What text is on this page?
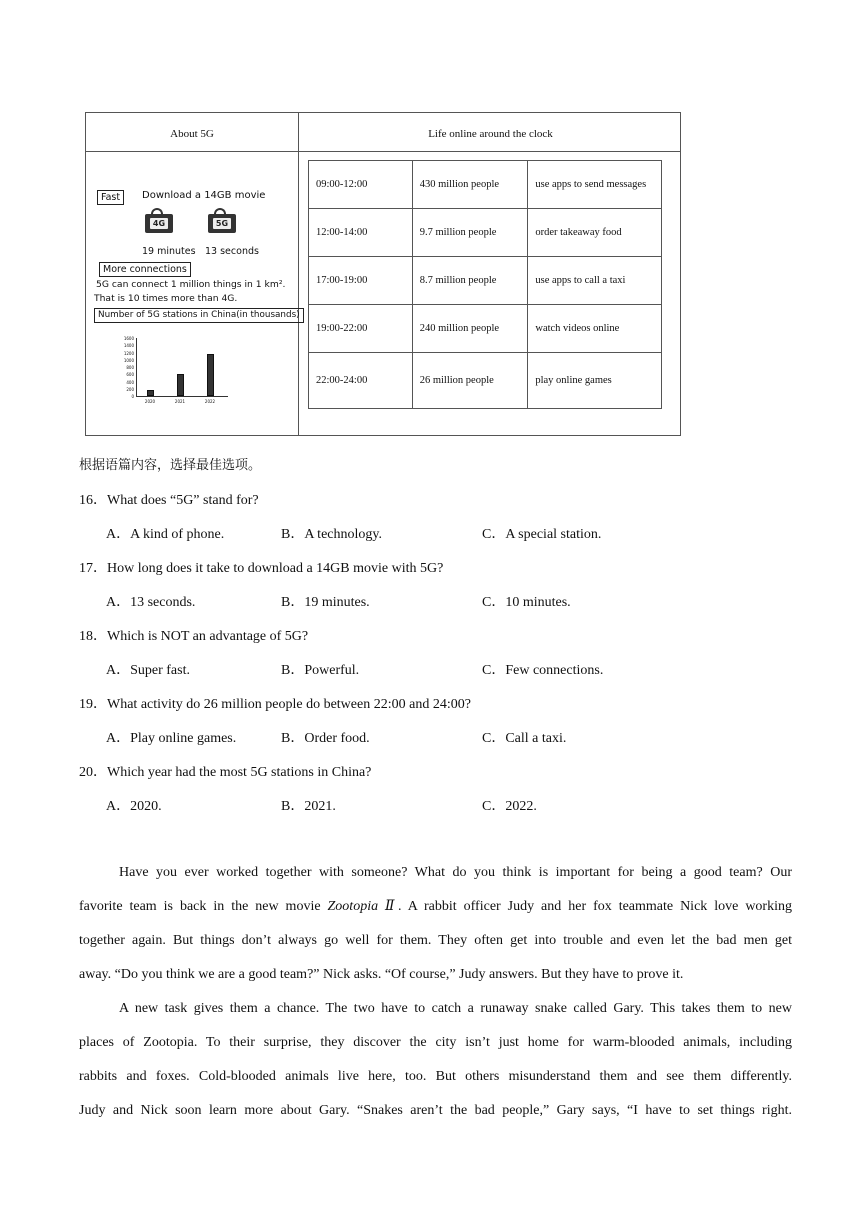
About 5G	Life online around the clock
Fast	Download a 14GB movie
4G	5G
19 minutes 13 seconds
More connections
5G can connect 1 million things in 1 km².
That is 10 times more than 4G.
Number of 5G stations in China(in thousands)
1600
1400
1200
1000
800
600
400
200
0
2020	2021	2022
09:00-12:00	430 million people	use apps to send messages
12:00-14:00	9.7 million people	order takeaway food
17:00-19:00	8.7 million people	use apps to call a taxi
19:00-22:00	240 million people	watch videos online
22:00-24:00	26 million people	play online games
根据语篇内容，选择最佳选项。
16．What does “5G” stand for?
A．A kind of phone.	B．A technology.	C．A special station.
17．How long does it take to download a 14GB movie with 5G?
A．13 seconds.	B．19 minutes.	C．10 minutes.
18．Which is NOT an advantage of 5G?
A．Super fast.	B．Powerful.	C．Few connections.
19．What activity do 26 million people do between 22:00 and 24:00?
A．Play online games.	B．Order food.	C．Call a taxi.
20．Which year had the most 5G stations in China?
A．2020.	B．2021.	C．2022.
Have you ever worked together with someone? What do you think is important for being a good team? Our
favorite team is back in the new movie Zootopia Ⅱ. A rabbit officer Judy and her fox teammate Nick love working
together again. But things don’t always go well for them. They often get into trouble and even let the bad men get
away. “Do you think we are a good team?” Nick asks. “Of course,” Judy answers. But they have to prove it.
A new task gives them a chance. The two have to catch a runaway snake called Gary. This takes them to new
places of Zootopia. To their surprise, they discover the city isn’t just home for warm-blooded animals, including
rabbits and foxes. Cold-blooded animals live here, too. But others misunderstand them and see them differently.
Judy and Nick soon learn more about Gary. “Snakes aren’t the bad people,” Gary says, “I have to set things right.
